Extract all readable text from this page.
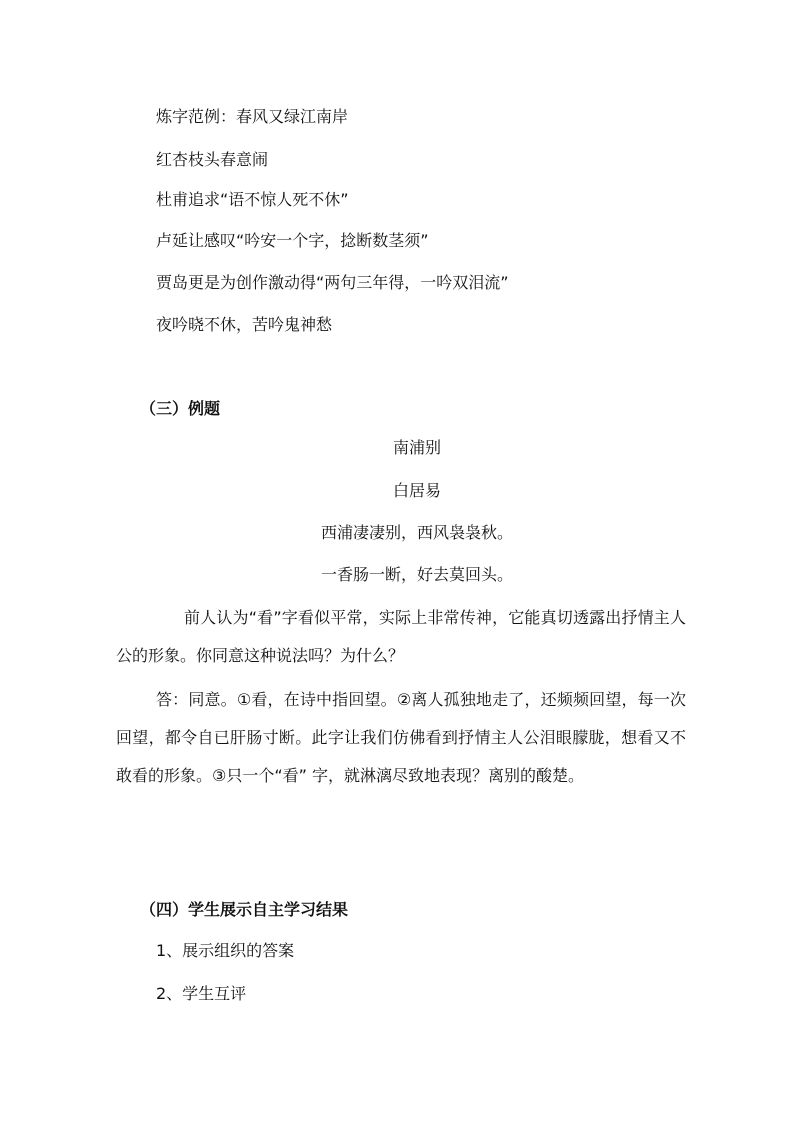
炼字范例：春风又绿江南岸
红杏枝头春意闹
杜甫追求“语不惊人死不休”
卢延让感叹“吟安一个字，捻断数茎须”
贾岛更是为创作激动得“两句三年得，一吟双泪流”
夜吟晓不休，苦吟鬼神愁
（三）例题
南浦别
白居易
西浦凄凄别，西风袅袅秋。
一香肠一断，好去莫回头。
前人认为“看”字看似平常，实际上非常传神，它能真切透露出抒情主人公的形象。你同意这种说法吗？为什么？
答：同意。①看，在诗中指回望。②离人孤独地走了，还频频回望，每一次回望，都令自已肝肠寸断。此字让我们仿佛看到抒情主人公泪眼朦胧，想看又不敢看的形象。③只一个“看” 字，就淋漓尽致地表现？离别的酸楚。
（四）学生展示自主学习结果
1、展示组织的答案
2、学生互评
